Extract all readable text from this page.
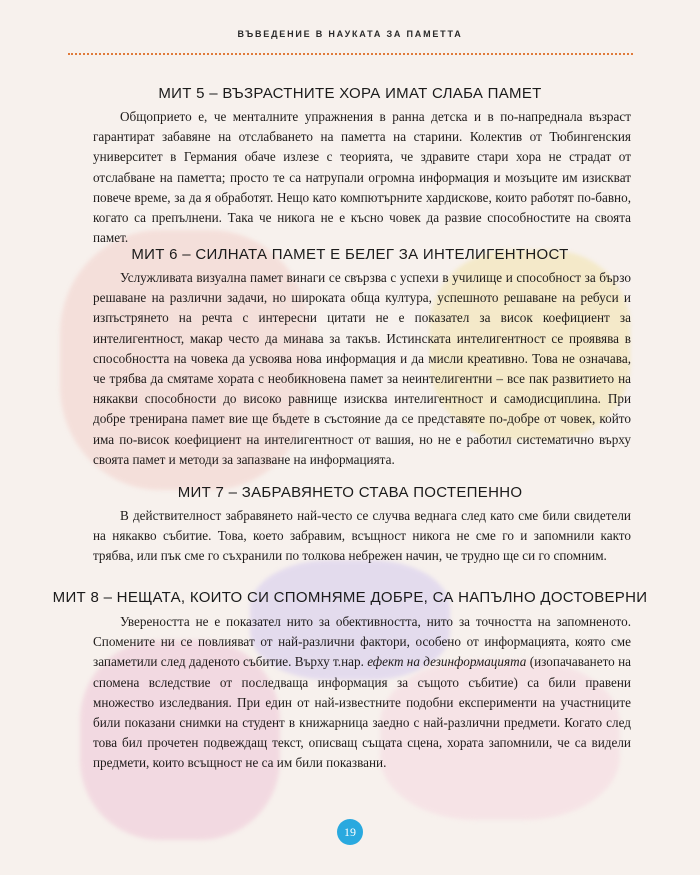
ВЪВЕДЕНИЕ В НАУКАТА ЗА ПАМЕТТА
МИТ 5 – ВЪЗРАСТНИТЕ ХОРА ИМАТ СЛАБА ПАМЕТ

Общоприето е, че менталните упражнения в ранна детска и в по-напреднала възраст гарантират забавяне на отслабването на паметта на старини. Колектив от Тюбингенския университет в Германия обаче излезе с теорията, че здравите стари хора не страдат от отслабване на паметта; просто те са натрупали огромна информация и мозъците им изискват повече време, за да я обработят. Нещо като компютърните хардискове, които работят по-бавно, когато са препълнени. Така че никога не е късно човек да развие способностите на своята памет.

МИТ 6 – СИЛНАТА ПАМЕТ Е БЕЛЕГ ЗА ИНТЕЛИГЕНТНОСТ

Услужливата визуална памет винаги се свързва с успехи в училище и способност за бързо решаване на различни задачи, но широката обща култура, успешното решаване на ребуси и изпъстрянето на речта с интересни цитати не е показател за висок коефициент за интелигентност, макар често да минава за такъв. Истинската интелигентност се проявява в способността на човека да усвоява нова информация и да мисли креативно. Това не означава, че трябва да смятаме хората с необикновена памет за неинтелигентни – все пак развитието на някакви способности до високо равнище изисква интелигентност и самодисциплина. При добре тренирана памет вие ще бъдете в състояние да се представяте по-добре от човек, който има по-висок коефициент на интелигентност от вашия, но не е работил систематично върху своята памет и методи за запазване на информацията.

МИТ 7 – ЗАБРАВЯНЕТО СТАВА ПОСТЕПЕННО

В действителност забравянето най-често се случва веднага след като сме били свидетели на някакво събитие. Това, което забравим, всъщност никога не сме го и запомнили както трябва, или пък сме го съхранили по толкова небрежен начин, че трудно ще си го спомним.

МИТ 8 – НЕЩАТА, КОИТО СИ СПОМНЯМЕ ДОБРЕ, СА НАПЪЛНО ДОСТОВЕРНИ

Увереността не е показател нито за обективността, нито за точността на запомненото. Спомените ни се повлияват от най-различни фактори, особено от информацията, която сме запаметили след даденото събитие. Върху т.нар. ефект на дезинформацията (изопачаването на спомена вследствие от последваща информация за същото събитие) са били правени множество изследвания. При един от най-известните подобни експерименти на участниците били показани снимки на студент в книжарница заедно с най-различни предмети. Когато след това бил прочетен подвеждащ текст, описващ същата сцена, хората запомнили, че са видели предмети, които всъщност не са им били показвани.

19
